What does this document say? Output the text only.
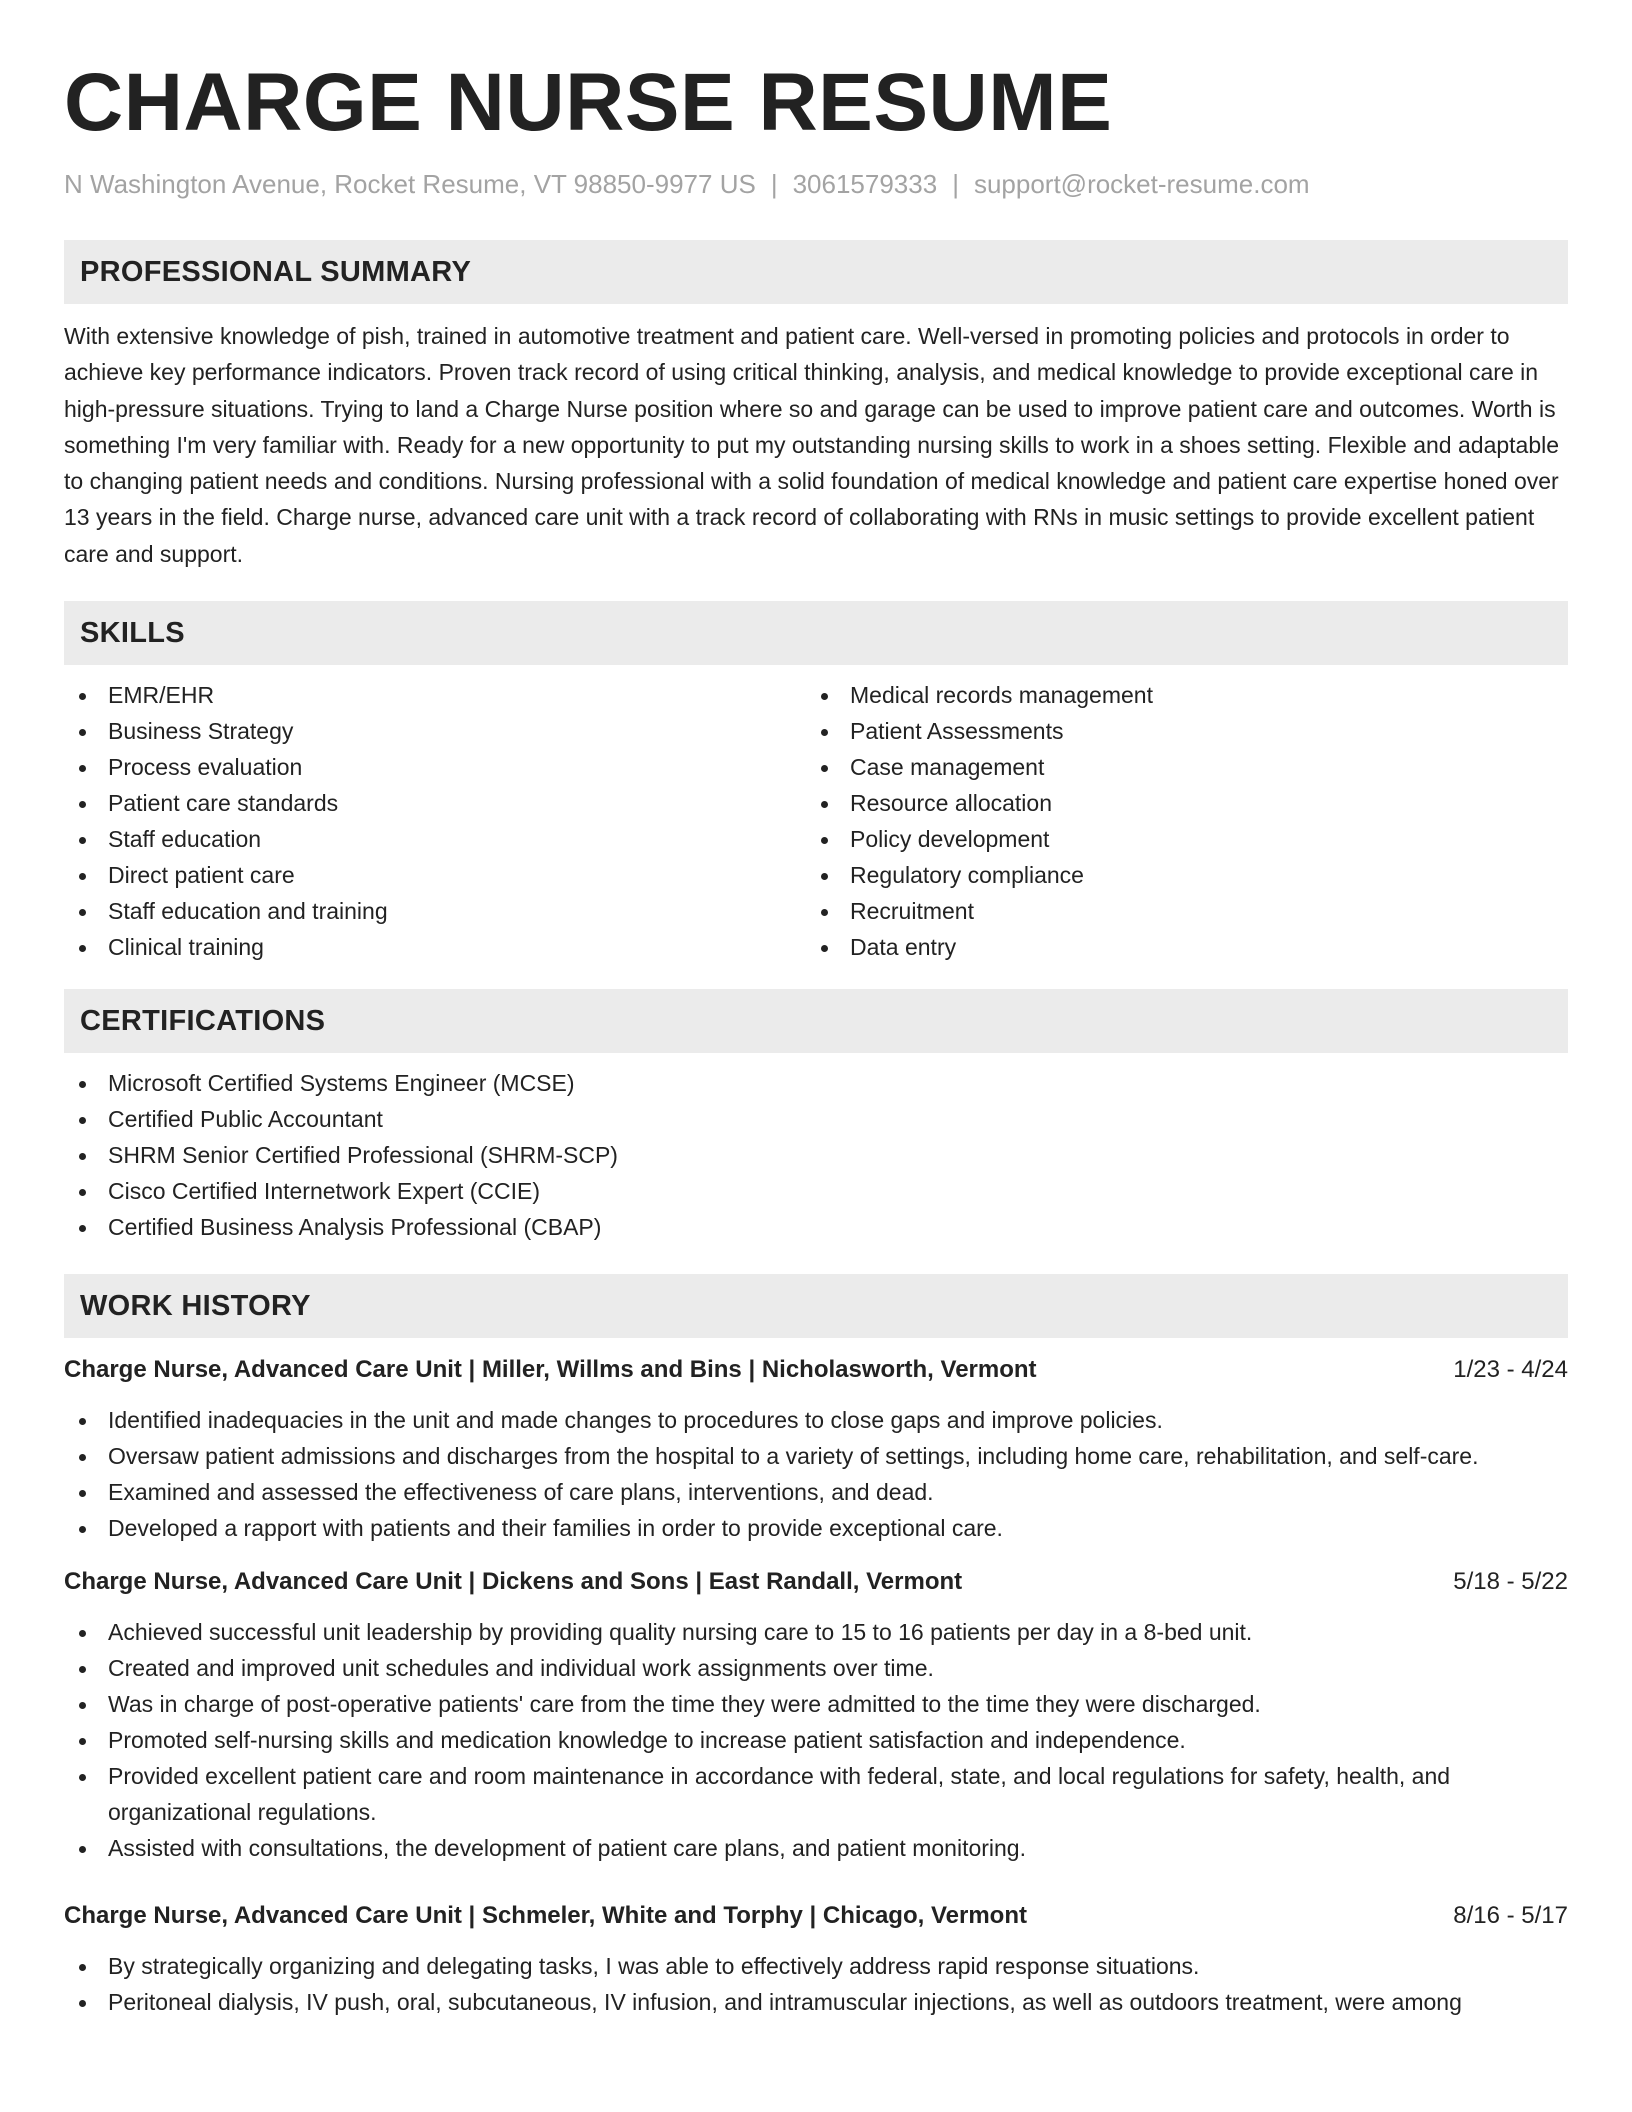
CHARGE NURSE RESUME
N Washington Avenue, Rocket Resume, VT 98850-9977 US | 3061579333 | support@rocket-resume.com
PROFESSIONAL SUMMARY

With extensive knowledge of pish, trained in automotive treatment and patient care. Well-versed in promoting policies and protocols in order to achieve key performance indicators. Proven track record of using critical thinking, analysis, and medical knowledge to provide exceptional care in high-pressure situations. Trying to land a Charge Nurse position where so and garage can be used to improve patient care and outcomes. Worth is something I'm very familiar with. Ready for a new opportunity to put my outstanding nursing skills to work in a shoes setting. Flexible and adaptable to changing patient needs and conditions. Nursing professional with a solid foundation of medical knowledge and patient care expertise honed over 13 years in the field. Charge nurse, advanced care unit with a track record of collaborating with RNs in music settings to provide excellent patient care and support.

SKILLS
EMR/EHR
Business Strategy
Process evaluation
Patient care standards
Staff education
Direct patient care
Staff education and training
Clinical training
Medical records management
Patient Assessments
Case management
Resource allocation
Policy development
Regulatory compliance
Recruitment
Data entry
CERTIFICATIONS
Microsoft Certified Systems Engineer (MCSE)
Certified Public Accountant
SHRM Senior Certified Professional (SHRM-SCP)
Cisco Certified Internetwork Expert (CCIE)
Certified Business Analysis Professional (CBAP)
WORK HISTORY
Charge Nurse, Advanced Care Unit | Miller, Willms and Bins | Nicholasworth, Vermont	1/23 - 4/24
Identified inadequacies in the unit and made changes to procedures to close gaps and improve policies.
Oversaw patient admissions and discharges from the hospital to a variety of settings, including home care, rehabilitation, and self-care.
Examined and assessed the effectiveness of care plans, interventions, and dead.
Developed a rapport with patients and their families in order to provide exceptional care.
Charge Nurse, Advanced Care Unit | Dickens and Sons | East Randall, Vermont	5/18 - 5/22
Achieved successful unit leadership by providing quality nursing care to 15 to 16 patients per day in a 8-bed unit.
Created and improved unit schedules and individual work assignments over time.
Was in charge of post-operative patients' care from the time they were admitted to the time they were discharged.
Promoted self-nursing skills and medication knowledge to increase patient satisfaction and independence.
Provided excellent patient care and room maintenance in accordance with federal, state, and local regulations for safety, health, and organizational regulations.
Assisted with consultations, the development of patient care plans, and patient monitoring.
Charge Nurse, Advanced Care Unit | Schmeler, White and Torphy | Chicago, Vermont	8/16 - 5/17
By strategically organizing and delegating tasks, I was able to effectively address rapid response situations.
Peritoneal dialysis, IV push, oral, subcutaneous, IV infusion, and intramuscular injections, as well as outdoors treatment, were among
